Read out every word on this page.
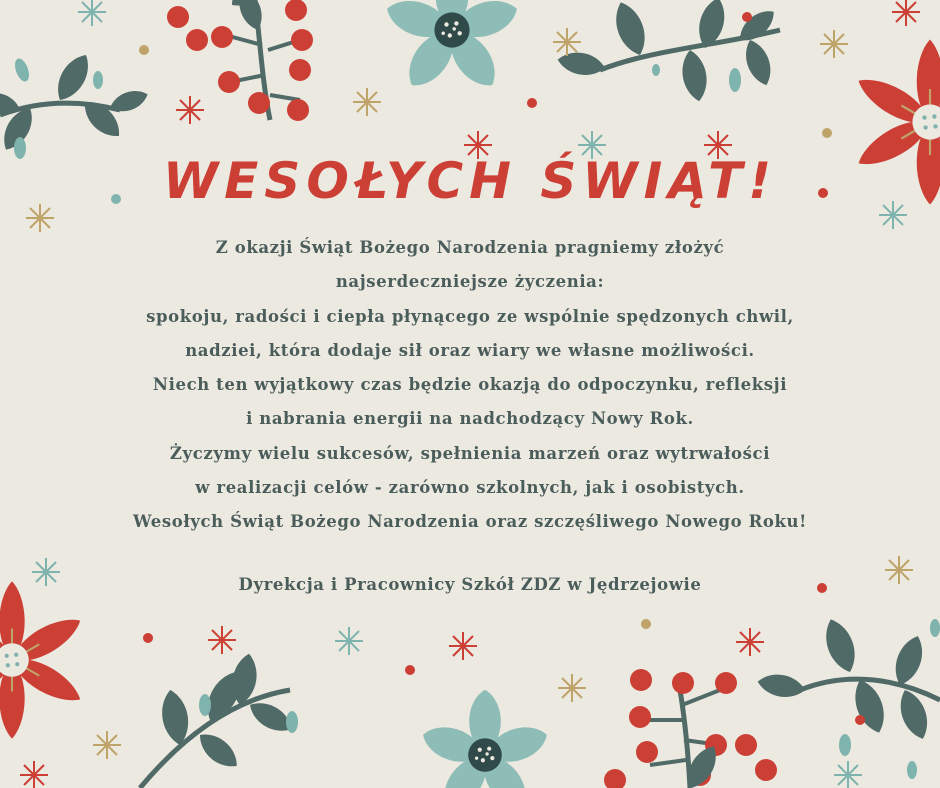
WESOŁYCH ŚWIĄT!
Z okazji Świąt Bożego Narodzenia pragniemy złożyć
najserdeczniejsze życzenia:
spokoju, radości i ciepła płynącego ze wspólnie spędzonych chwil,
nadziei, która dodaje sił oraz wiary we własne możliwości.
Niech ten wyjątkowy czas będzie okazją do odpoczynku, refleksji
i nabrania energii na nadchodzący Nowy Rok.
Życzymy wielu sukcesów, spełnienia marzeń oraz wytrwałości
w realizacji celów - zarówno szkolnych, jak i osobistych.
Wesołych Świąt Bożego Narodzenia oraz szczęśliwego Nowego Roku!
Dyrekcja i Pracownicy Szkół ZDZ w Jędrzejowie
